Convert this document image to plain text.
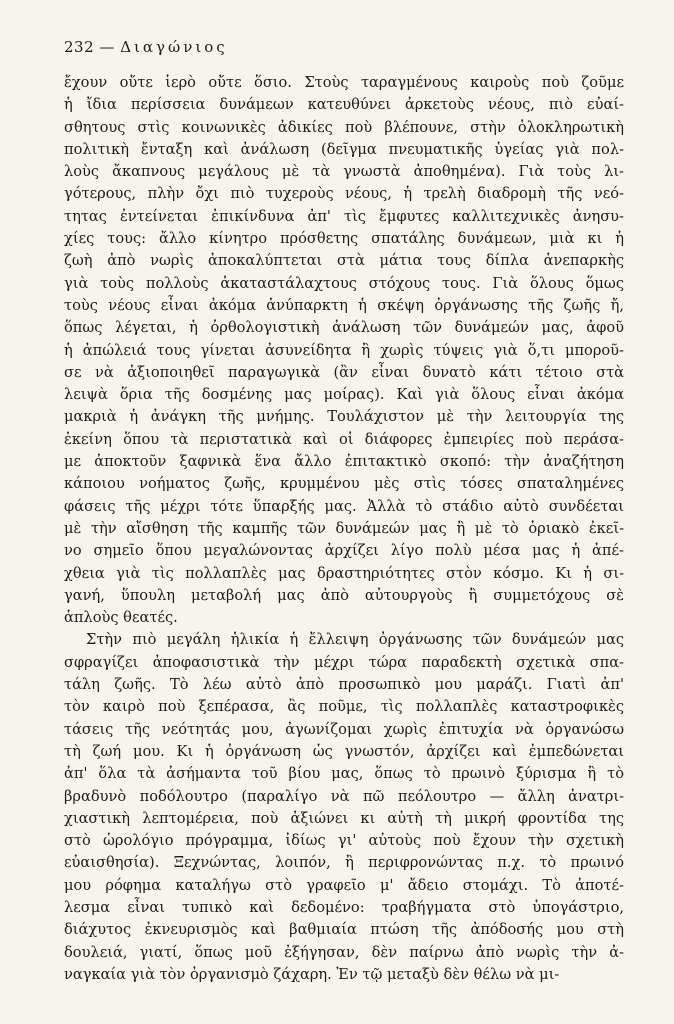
232 — Διαγώνιος
ἔχουν οὔτε ἱερὸ οὔτε ὅσιο. Στοὺς ταραγμένους καιροὺς ποὺ ζοῦμε
ἡ ἴδια περίσσεια δυνάμεων κατευθύνει ἀρκετοὺς νέους, πιὸ εὐαί-
σθητους στὶς κοινωνικὲς ἀδικίες ποὺ βλέπουνε, στὴν ὁλοκληρωτικὴ
πολιτικὴ ἔνταξη καὶ ἀνάλωση (δεῖγμα πνευματικῆς ὑγείας γιὰ πολ-
λοὺς ἄκαπνους μεγάλους μὲ τὰ γνωστὰ ἀποθημένα). Γιὰ τοὺς λι-
γότερους, πλὴν ὄχι πιὸ τυχεροὺς νέους, ἡ τρελὴ διαδρομὴ τῆς νεό-
τητας ἐντείνεται ἐπικίνδυνα ἀπ' τὶς ἔμφυτες καλλιτεχνικὲς ἀνησυ-
χίες τους: ἄλλο κίνητρο πρόσθετης σπατάλης δυνάμεων, μιὰ κι ἡ
ζωὴ ἀπὸ νωρὶς ἀποκαλύπτεται στὰ μάτια τους δίπλα ἀνεπαρκὴς
γιὰ τοὺς πολλοὺς ἀκαταστάλαχτους στόχους τους. Γιὰ ὅλους ὅμως
τοὺς νέους εἶναι ἀκόμα ἀνύπαρκτη ἡ σκέψη ὀργάνωσης τῆς ζωῆς ἤ,
ὅπως λέγεται, ἡ ὀρθολογιστικὴ ἀνάλωση τῶν δυνάμεών μας, ἀφοῦ
ἡ ἀπώλειά τους γίνεται ἀσυνείδητα ἢ χωρὶς τύψεις γιὰ ὅ,τι μποροῦ-
σε νὰ ἀξιοποιηθεῖ παραγωγικὰ (ἂν εἶναι δυνατὸ κάτι τέτοιο στὰ
λειψὰ ὅρια τῆς δοσμένης μας μοίρας). Καὶ γιὰ ὅλους εἶναι ἀκόμα
μακριὰ ἡ ἀνάγκη τῆς μνήμης. Τουλάχιστον μὲ τὴν λειτουργία της
ἐκείνη ὅπου τὰ περιστατικὰ καὶ οἱ διάφορες ἐμπειρίες ποὺ περάσα-
με ἀποκτοῦν ξαφνικὰ ἕνα ἄλλο ἐπιτακτικὸ σκοπό: τὴν ἀναζήτηση
κάποιου νοήματος ζωῆς, κρυμμένου μὲς στὶς τόσες σπαταλημένες
φάσεις τῆς μέχρι τότε ὕπαρξής μας. Ἀλλὰ τὸ στάδιο αὐτὸ συνδέεται
μὲ τὴν αἴσθηση τῆς καμπῆς τῶν δυνάμεών μας ἢ μὲ τὸ ὁριακὸ ἐκεῖ-
νο σημεῖο ὅπου μεγαλώνοντας ἀρχίζει λίγο πολὺ μέσα μας ἡ ἀπέ-
χθεια γιὰ τὶς πολλαπλὲς μας δραστηριότητες στὸν κόσμο. Κι ἡ σι-
γανή, ὕπουλη μεταβολή μας ἀπὸ αὐτουργοὺς ἢ συμμετόχους σὲ
ἁπλοὺς θεατές.
Στὴν πιὸ μεγάλη ἡλικία ἡ ἔλλειψη ὀργάνωσης τῶν δυνάμεών μας
σφραγίζει ἀποφασιστικὰ τὴν μέχρι τώρα παραδεκτὴ σχετικὰ σπα-
τάλη ζωῆς. Τὸ λέω αὐτὸ ἀπὸ προσωπικὸ μου μαράζι. Γιατὶ ἀπ'
τὸν καιρὸ ποὺ ξεπέρασα, ἂς ποῦμε, τὶς πολλαπλὲς καταστροφικὲς
τάσεις τῆς νεότητάς μου, ἀγωνίζομαι χωρὶς ἐπιτυχία νὰ ὀργανώσω
τὴ ζωή μου. Κι ἡ ὀργάνωση ὡς γνωστόν, ἀρχίζει καὶ ἐμπεδώνεται
ἀπ' ὅλα τὰ ἀσήμαντα τοῦ βίου μας, ὅπως τὸ πρωινὸ ξύρισμα ἢ τὸ
βραδυνὸ ποδόλουτρο (παραλίγο νὰ πῶ πεόλουτρο — ἄλλη ἀνατρι-
χιαστικὴ λεπτομέρεια, ποὺ ἀξιώνει κι αὐτὴ τὴ μικρή φροντίδα της
στὸ ὡρολόγιο πρόγραμμα, ἰδίως γι' αὐτοὺς ποὺ ἔχουν τὴν σχετικὴ
εὐαισθησία). Ξεχνώντας, λοιπόν, ἢ περιφρονώντας π.χ. τὸ πρωινό
μου ρόφημα καταλήγω στὸ γραφεῖο μ' ἄδειο στομάχι. Τὸ ἀποτέ-
λεσμα εἶναι τυπικὸ καὶ δεδομένο: τραβήγματα στὸ ὑπογάστριο,
διάχυτος ἐκνευρισμὸς καὶ βαθμιαία πτώση τῆς ἀπόδοσής μου στὴ
δουλειά, γιατί, ὅπως μοῦ ἐξήγησαν, δὲν παίρνω ἀπὸ νωρὶς τὴν ἀ-
ναγκαία γιὰ τὸν ὀργανισμὸ ζάχαρη. Ἐν τῷ μεταξὺ δὲν θέλω νὰ μι-
